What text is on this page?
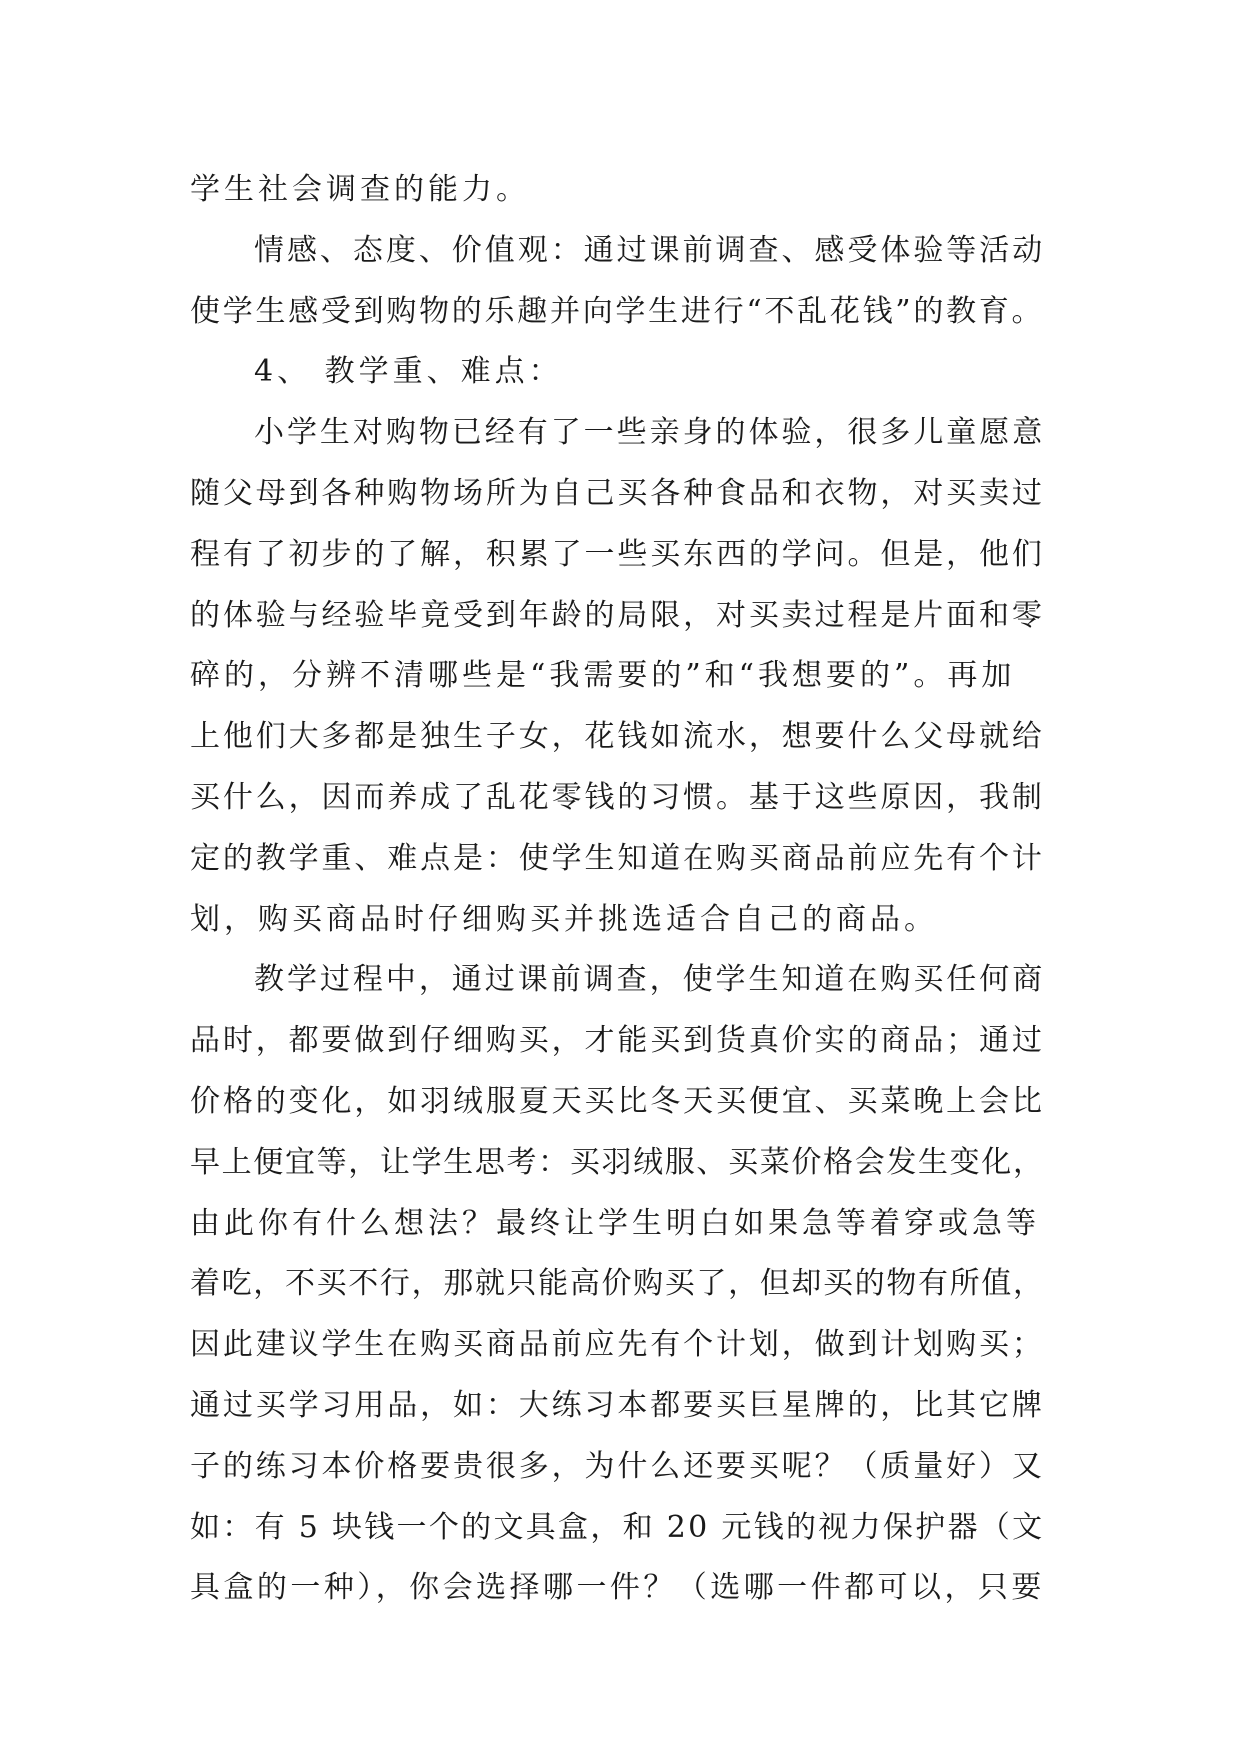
学生社会调查的能力。
情感、态度、价值观：通过课前调查、感受体验等活动
使学生感受到购物的乐趣并向学生进行“不乱花钱”的教育。
4、 教学重、难点：
小学生对购物已经有了一些亲身的体验，很多儿童愿意
随父母到各种购物场所为自己买各种食品和衣物，对买卖过
程有了初步的了解，积累了一些买东西的学问。但是，他们
的体验与经验毕竟受到年龄的局限，对买卖过程是片面和零
碎的，分辨不清哪些是“我需要的”和“我想要的”。再加
上他们大多都是独生子女，花钱如流水，想要什么父母就给
买什么，因而养成了乱花零钱的习惯。基于这些原因，我制
定的教学重、难点是：使学生知道在购买商品前应先有个计
划，购买商品时仔细购买并挑选适合自己的商品。
教学过程中，通过课前调查，使学生知道在购买任何商
品时，都要做到仔细购买，才能买到货真价实的商品；通过
价格的变化，如羽绒服夏天买比冬天买便宜、买菜晚上会比
早上便宜等，让学生思考：买羽绒服、买菜价格会发生变化，
由此你有什么想法？最终让学生明白如果急等着穿或急等
着吃，不买不行，那就只能高价购买了，但却买的物有所值，
因此建议学生在购买商品前应先有个计划，做到计划购买；
通过买学习用品，如：大练习本都要买巨星牌的，比其它牌
子的练习本价格要贵很多，为什么还要买呢？（质量好）又
如：有 5 块钱一个的文具盒，和 20 元钱的视力保护器（文
具盒的一种），你会选择哪一件？（选哪一件都可以，只要
